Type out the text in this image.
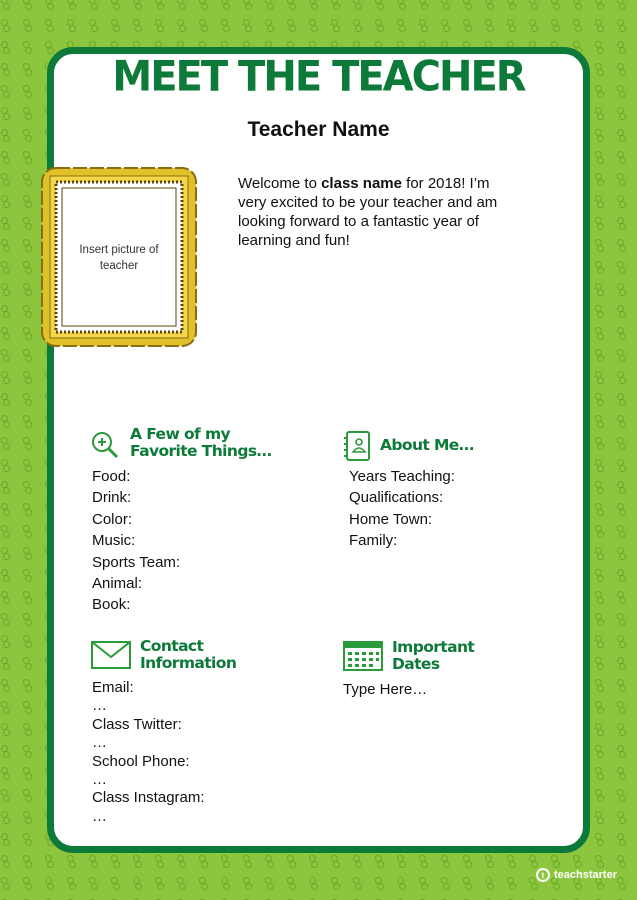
MEET THE TEACHER
Teacher Name
Insert picture of teacher
Welcome to class name for 2018! I’m very excited to be your teacher and am looking forward to a fantastic year of learning and fun!
A Few of my
Favorite Things…
Food:
Drink:
Color:
Music:
Sports Team:
Animal:
Book:
About Me…
Years Teaching:
Qualifications:
Home Town:
Family:
Contact
Information
Email:
…
Class Twitter:
…
School Phone:
…
Class Instagram:
…
Important
Dates
Type Here…
t teachstarter
